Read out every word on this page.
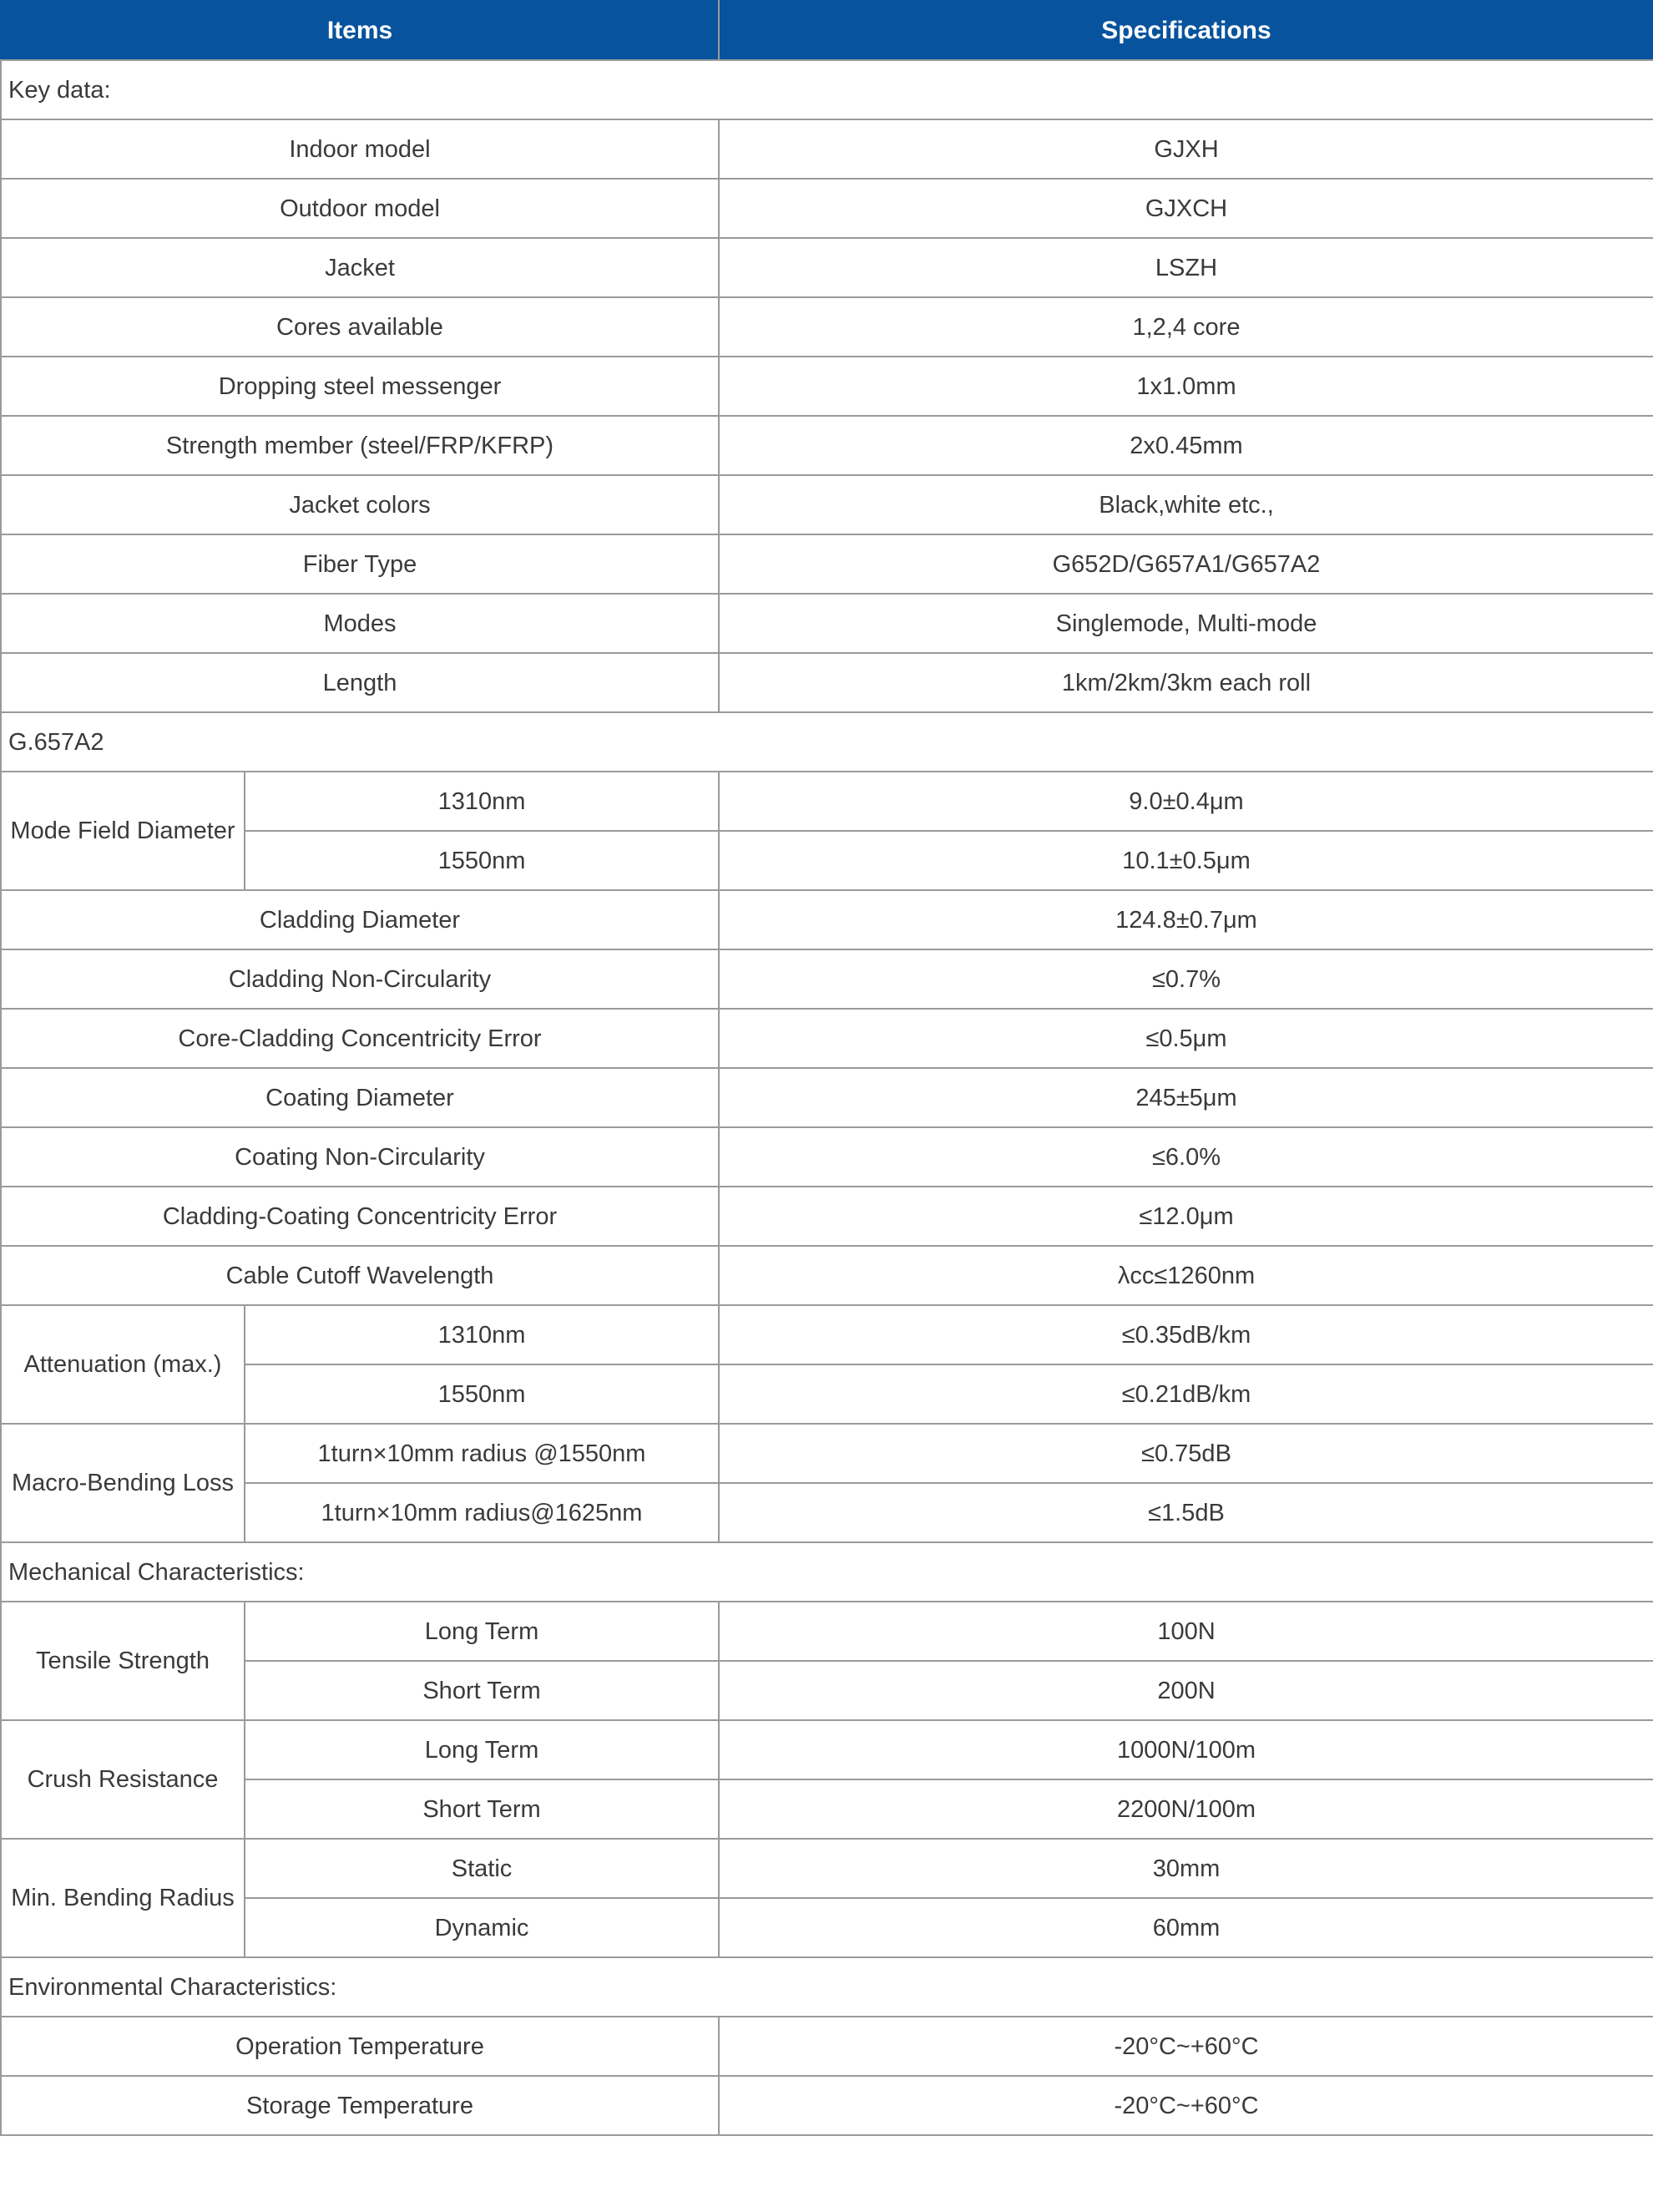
Items		Specifications
Key data:		
Indoor model		GJXH
Outdoor model		GJXCH
Jacket		LSZH
Cores available		1,2,4 core
Dropping steel messenger		1x1.0mm
Strength member (steel/FRP/KFRP)		2x0.45mm
Jacket colors		Black,white etc.,
Fiber Type		G652D/G657A1/G657A2
Modes		Singlemode, Multi-mode
Length		1km/2km/3km each roll
G.657A2		
Mode Field Diameter	1310nm	9.0±0.4μm
	1550nm	10.1±0.5μm
Cladding Diameter		124.8±0.7μm
Cladding Non-Circularity		≤0.7%
Core-Cladding Concentricity Error		≤0.5μm
Coating Diameter		245±5μm
Coating Non-Circularity		≤6.0%
Cladding-Coating Concentricity Error		≤12.0μm
Cable Cutoff Wavelength		λcc≤1260nm
Attenuation (max.)	1310nm	≤0.35dB/km
	1550nm	≤0.21dB/km
Macro-Bending Loss	1turn×10mm radius @1550nm	≤0.75dB
	1turn×10mm radius@1625nm	≤1.5dB
Mechanical Characteristics:		
Tensile Strength	Long Term	100N
	Short Term	200N
Crush Resistance	Long Term	1000N/100m
	Short Term	2200N/100m
Min. Bending Radius	Static	30mm
	Dynamic	60mm
Environmental Characteristics:		
Operation Temperature		-20°C~+60°C
Storage Temperature		-20°C~+60°C
